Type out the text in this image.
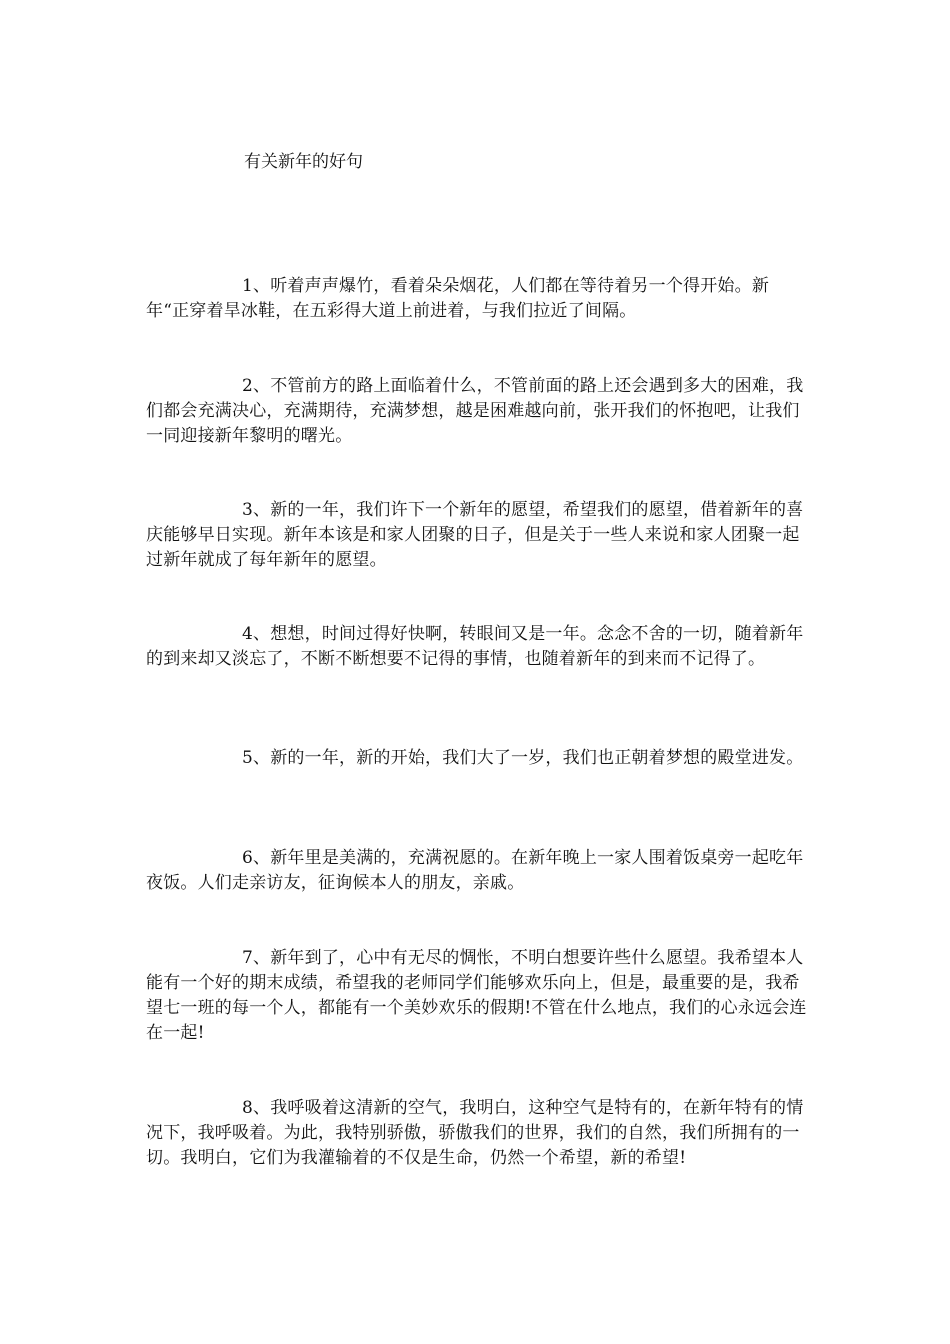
有关新年的好句

1、听着声声爆竹，看着朵朵烟花，人们都在等待着另一个得开始。新年“正穿着旱冰鞋，在五彩得大道上前进着，与我们拉近了间隔。

2、不管前方的路上面临着什么，不管前面的路上还会遇到多大的困难，我们都会充满决心，充满期待，充满梦想，越是困难越向前，张开我们的怀抱吧，让我们一同迎接新年黎明的曙光。

3、新的一年，我们许下一个新年的愿望，希望我们的愿望，借着新年的喜庆能够早日实现。新年本该是和家人团聚的日子，但是关于一些人来说和家人团聚一起过新年就成了每年新年的愿望。

4、想想，时间过得好快啊，转眼间又是一年。念念不舍的一切，随着新年的到来却又淡忘了，不断不断想要不记得的事情，也随着新年的到来而不记得了。

5、新的一年，新的开始，我们大了一岁，我们也正朝着梦想的殿堂进发。

6、新年里是美满的，充满祝愿的。在新年晚上一家人围着饭桌旁一起吃年夜饭。人们走亲访友，征询候本人的朋友，亲戚。

7、新年到了，心中有无尽的惆怅，不明白想要许些什么愿望。我希望本人能有一个好的期末成绩，希望我的老师同学们能够欢乐向上，但是，最重要的是，我希望七一班的每一个人，都能有一个美妙欢乐的假期!不管在什么地点，我们的心永远会连在一起!

8、我呼吸着这清新的空气，我明白，这种空气是特有的，在新年特有的情况下，我呼吸着。为此，我特别骄傲，骄傲我们的世界，我们的自然，我们所拥有的一切。我明白，它们为我灌输着的不仅是生命，仍然一个希望，新的希望!
